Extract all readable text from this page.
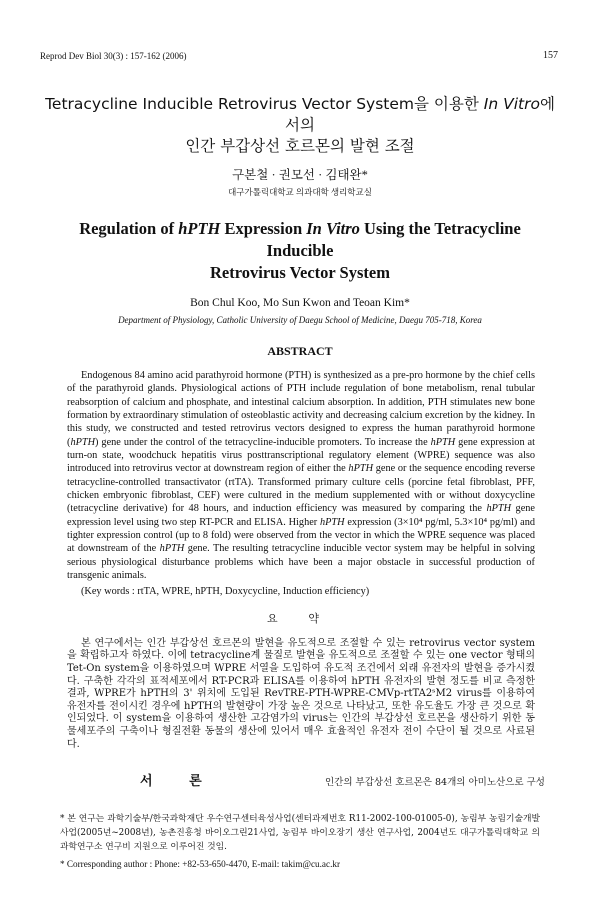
Reprod Dev Biol 30(3) : 157-162 (2006)	157
Tetracycline Inducible Retrovirus Vector System을 이용한 In Vitro에서의
인간 부갑상선 호르몬의 발현 조절
구본철 · 권모선 · 김태완*
대구가톨릭대학교 의과대학 생리학교실
Regulation of hPTH Expression In Vitro Using the Tetracycline Inducible
Retrovirus Vector System
Bon Chul Koo, Mo Sun Kwon and Teoan Kim*
Department of Physiology, Catholic University of Daegu School of Medicine, Daegu 705-718, Korea
ABSTRACT

Endogenous 84 amino acid parathyroid hormone (PTH) is synthesized as a pre-pro hormone by the chief cells of the parathyroid glands. Physiological actions of PTH include regulation of bone metabolism, renal tubular reabsorption of calcium and phosphate, and intestinal calcium absorption. In addition, PTH stimulates new bone formation by extraordinary stimulation of osteoblastic activity and decreasing calcium excretion by the kidney. In this study, we constructed and tested retrovirus vectors designed to express the human parathyroid hormone (hPTH) gene under the control of the tetracycline-inducible promoters. To increase the hPTH gene expression at turn-on state, woodchuck hepatitis virus posttranscriptional regulatory element (WPRE) sequence was also introduced into retrovirus vector at downstream region of either the hPTH gene or the sequence encoding reverse tetracycline-controlled transactivator (rtTA). Transformed primary culture cells (porcine fetal fibroblast, PFF, chicken embryonic fibroblast, CEF) were cultured in the medium supplemented with or without doxycycline (tetracycline derivative) for 48 hours, and induction efficiency was measured by comparing the hPTH gene expression level using two step RT-PCR and ELISA. Higher hPTH expression (3×10⁴ pg/ml, 5.3×10⁴ pg/ml) and tighter expression control (up to 8 fold) were observed from the vector in which the WPRE sequence was placed at downstream of the hPTH gene. The resulting tetracycline inducible vector system may be helpful in solving serious physiological disturbance problems which have been a major obstacle in successful production of transgenic animals.

(Key words : rtTA, WPRE, hPTH, Doxycycline, Induction efficiency)
요 약

본 연구에서는 인간 부갑상선 호르몬의 발현을 유도적으로 조절할 수 있는 retrovirus vector system을 확립하고자 하였다. 이에 tetracycline계 물질로 발현을 유도적으로 조절할 수 있는 one vector 형태의 Tet-On system을 이용하였으며 WPRE 서열을 도입하여 유도적 조건에서 외래 유전자의 발현을 증가시켰다. 구축한 각각의 표적세포에서 RT-PCR과 ELISA를 이용하여 hPTH 유전자의 발현 정도를 비교 측정한 결과, WPRE가 hPTH의 3' 위치에 도입된 RevTRE-PTH-WPRE-CMVp-rtTA2ˢM2 virus를 이용하여 유전자를 전이시킨 경우에 hPTH의 발현량이 가장 높은 것으로 나타났고, 또한 유도율도 가장 큰 것으로 확인되었다. 이 system을 이용하여 생산한 고감염가의 virus는 인간의 부갑상선 호르몬을 생산하기 위한 동물세포주의 구축이나 형질전환 동물의 생산에 있어서 매우 효율적인 유전자 전이 수단이 될 것으로 사료된다.

서 론	인간의 부갑상선 호르몬은 84개의 아미노산으로 구성
* 본 연구는 과학기술부/한국과학재단 우수연구센터육성사업(센터과제번호 R11-2002-100-01005-0), 농림부 농림기술개발사업(2005년~2008년), 농촌진흥청 바이오그린21사업, 농림부 바이오장기 생산 연구사업, 2004년도 대구가톨릭대학교 의과학연구소 연구비 지원으로 이루어진 것임.
* Corresponding author : Phone: +82-53-650-4470, E-mail: takim@cu.ac.kr
